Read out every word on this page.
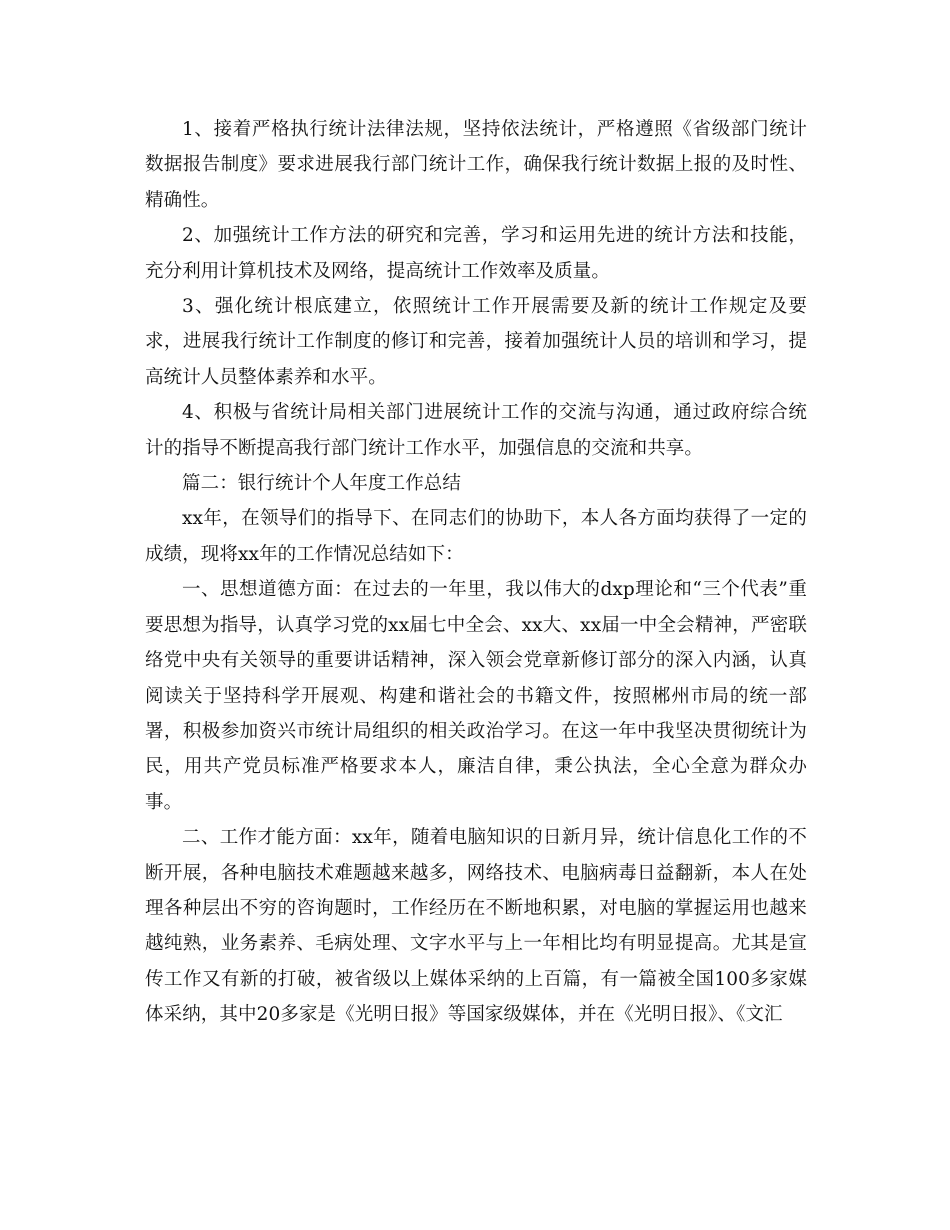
1、接着严格执行统计法律法规，坚持依法统计，严格遵照《省级部门统计数据报告制度》要求进展我行部门统计工作，确保我行统计数据上报的及时性、精确性。

2、加强统计工作方法的研究和完善，学习和运用先进的统计方法和技能，充分利用计算机技术及网络，提高统计工作效率及质量。

3、强化统计根底建立，依照统计工作开展需要及新的统计工作规定及要求，进展我行统计工作制度的修订和完善，接着加强统计人员的培训和学习，提高统计人员整体素养和水平。

4、积极与省统计局相关部门进展统计工作的交流与沟通，通过政府综合统计的指导不断提高我行部门统计工作水平，加强信息的交流和共享。

篇二：银行统计个人年度工作总结

xx年，在领导们的指导下、在同志们的协助下，本人各方面均获得了一定的成绩，现将xx年的工作情况总结如下：

一、思想道德方面：在过去的一年里，我以伟大的dxp理论和“三个代表”重要思想为指导，认真学习党的xx届七中全会、xx大、xx届一中全会精神，严密联络党中央有关领导的重要讲话精神，深入领会党章新修订部分的深入内涵，认真阅读关于坚持科学开展观、构建和谐社会的书籍文件，按照郴州市局的统一部署，积极参加资兴市统计局组织的相关政治学习。在这一年中我坚决贯彻统计为民，用共产党员标准严格要求本人，廉洁自律，秉公执法，全心全意为群众办事。

二、工作才能方面：xx年，随着电脑知识的日新月异，统计信息化工作的不断开展，各种电脑技术难题越来越多，网络技术、电脑病毒日益翻新，本人在处理各种层出不穷的咨询题时，工作经历在不断地积累，对电脑的掌握运用也越来越纯熟，业务素养、毛病处理、文字水平与上一年相比均有明显提高。尤其是宣传工作又有新的打破，被省级以上媒体采纳的上百篇，有一篇被全国100多家媒体采纳，其中20多家是《光明日报》等国家级媒体，并在《光明日报》、《文汇
